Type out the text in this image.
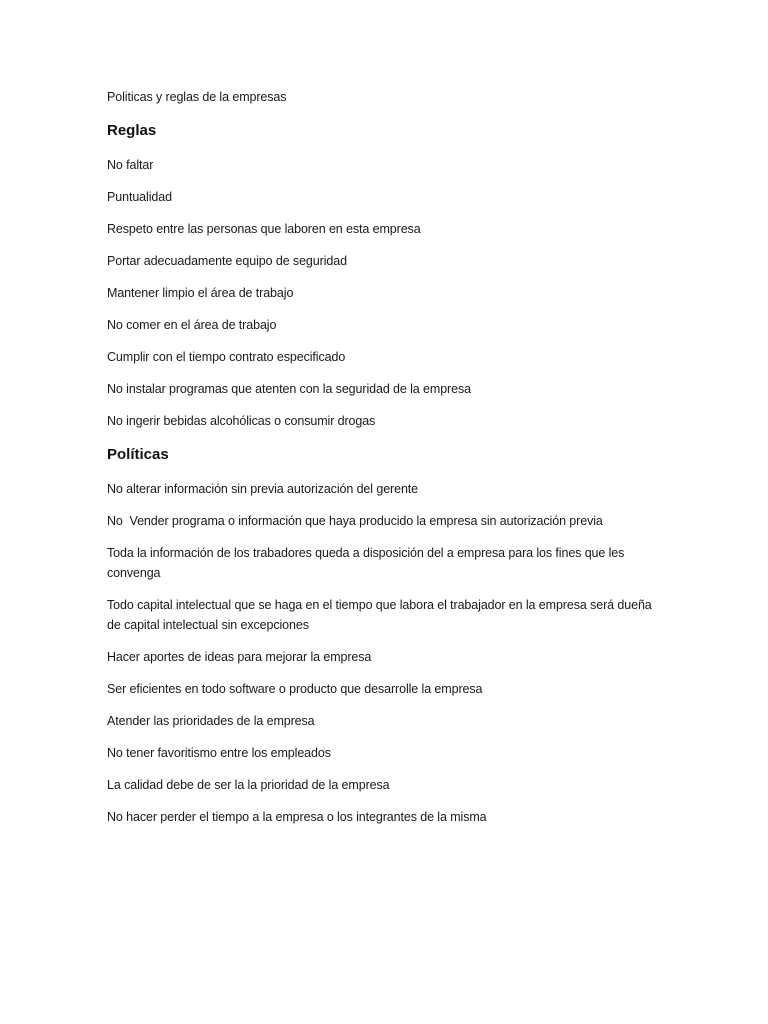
Politicas y reglas de la empresas

Reglas
No faltar
Puntualidad
Respeto entre las personas que laboren en esta empresa
Portar adecuadamente equipo de seguridad
Mantener limpio el área de trabajo
No comer en el área de trabajo
Cumplir con el tiempo contrato especificado
No instalar programas que atenten con la seguridad de la empresa
No ingerir bebidas alcohólicas o consumir drogas
Políticas
No alterar información sin previa autorización del gerente
No  Vender programa o información que haya producido la empresa sin autorización previa
Toda la información de los trabadores queda a disposición del a empresa para los fines que les convenga
Todo capital intelectual que se haga en el tiempo que labora el trabajador en la empresa será dueña de capital intelectual sin excepciones
Hacer aportes de ideas para mejorar la empresa
Ser eficientes en todo software o producto que desarrolle la empresa
Atender las prioridades de la empresa
No tener favoritismo entre los empleados
La calidad debe de ser la la prioridad de la empresa
No hacer perder el tiempo a la empresa o los integrantes de la misma
